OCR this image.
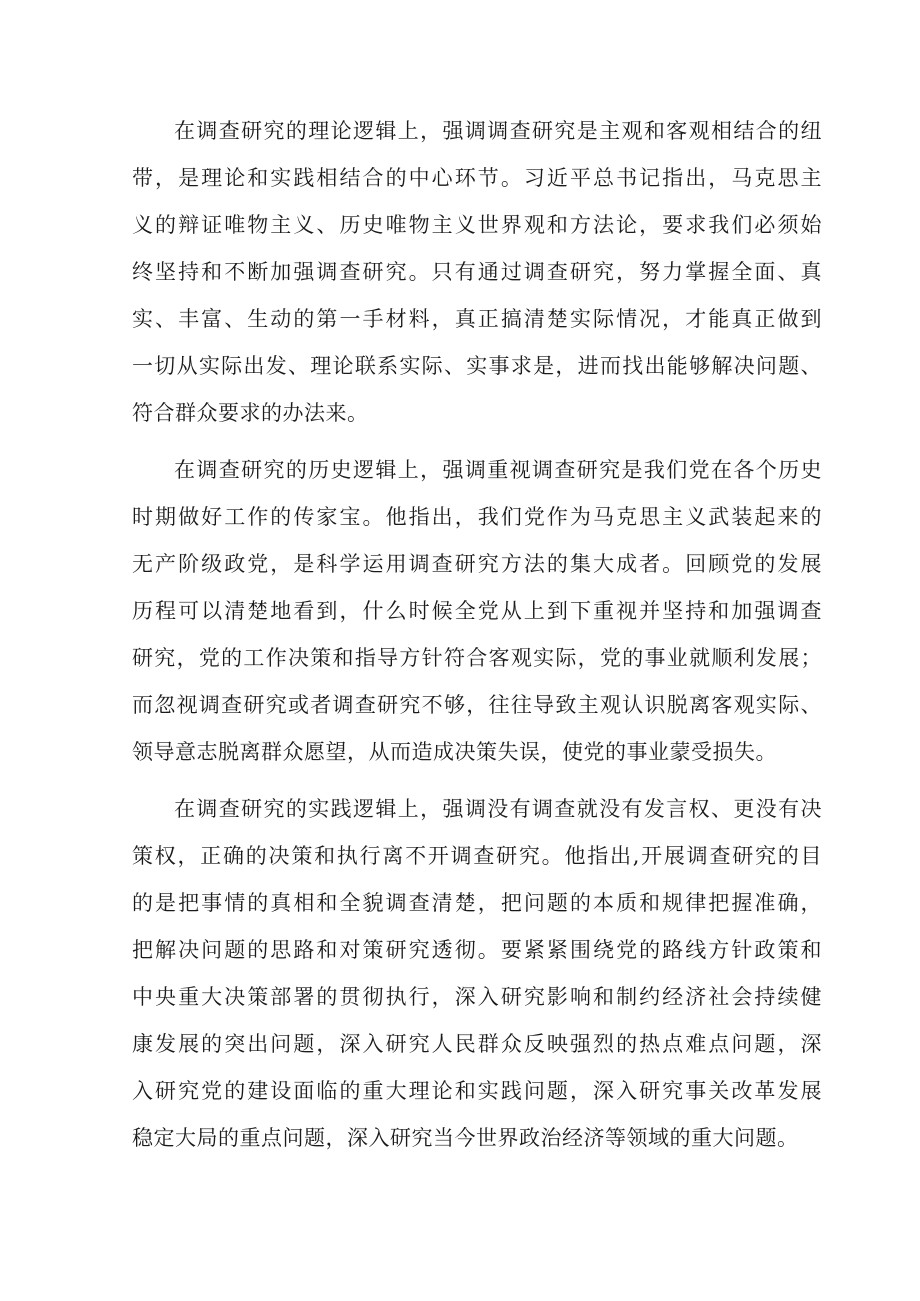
在调查研究的理论逻辑上，强调调查研究是主观和客观相结合的纽
带，是理论和实践相结合的中心环节。习近平总书记指出，马克思主
义的辩证唯物主义、历史唯物主义世界观和方法论，要求我们必须始
终坚持和不断加强调查研究。只有通过调查研究，努力掌握全面、真
实、丰富、生动的第一手材料，真正搞清楚实际情况，才能真正做到
一切从实际出发、理论联系实际、实事求是，进而找出能够解决问题、
符合群众要求的办法来。
在调查研究的历史逻辑上，强调重视调查研究是我们党在各个历史
时期做好工作的传家宝。他指出，我们党作为马克思主义武装起来的
无产阶级政党，是科学运用调查研究方法的集大成者。回顾党的发展
历程可以清楚地看到，什么时候全党从上到下重视并坚持和加强调查
研究，党的工作决策和指导方针符合客观实际，党的事业就顺利发展；
而忽视调查研究或者调查研究不够，往往导致主观认识脱离客观实际、
领导意志脱离群众愿望，从而造成决策失误，使党的事业蒙受损失。
在调查研究的实践逻辑上，强调没有调查就没有发言权、更没有决
策权，正确的决策和执行离不开调查研究。他指出,开展调查研究的目
的是把事情的真相和全貌调查清楚，把问题的本质和规律把握准确，
把解决问题的思路和对策研究透彻。要紧紧围绕党的路线方针政策和
中央重大决策部署的贯彻执行，深入研究影响和制约经济社会持续健
康发展的突出问题，深入研究人民群众反映强烈的热点难点问题，深
入研究党的建设面临的重大理论和实践问题，深入研究事关改革发展
稳定大局的重点问题，深入研究当今世界政治经济等领域的重大问题。
